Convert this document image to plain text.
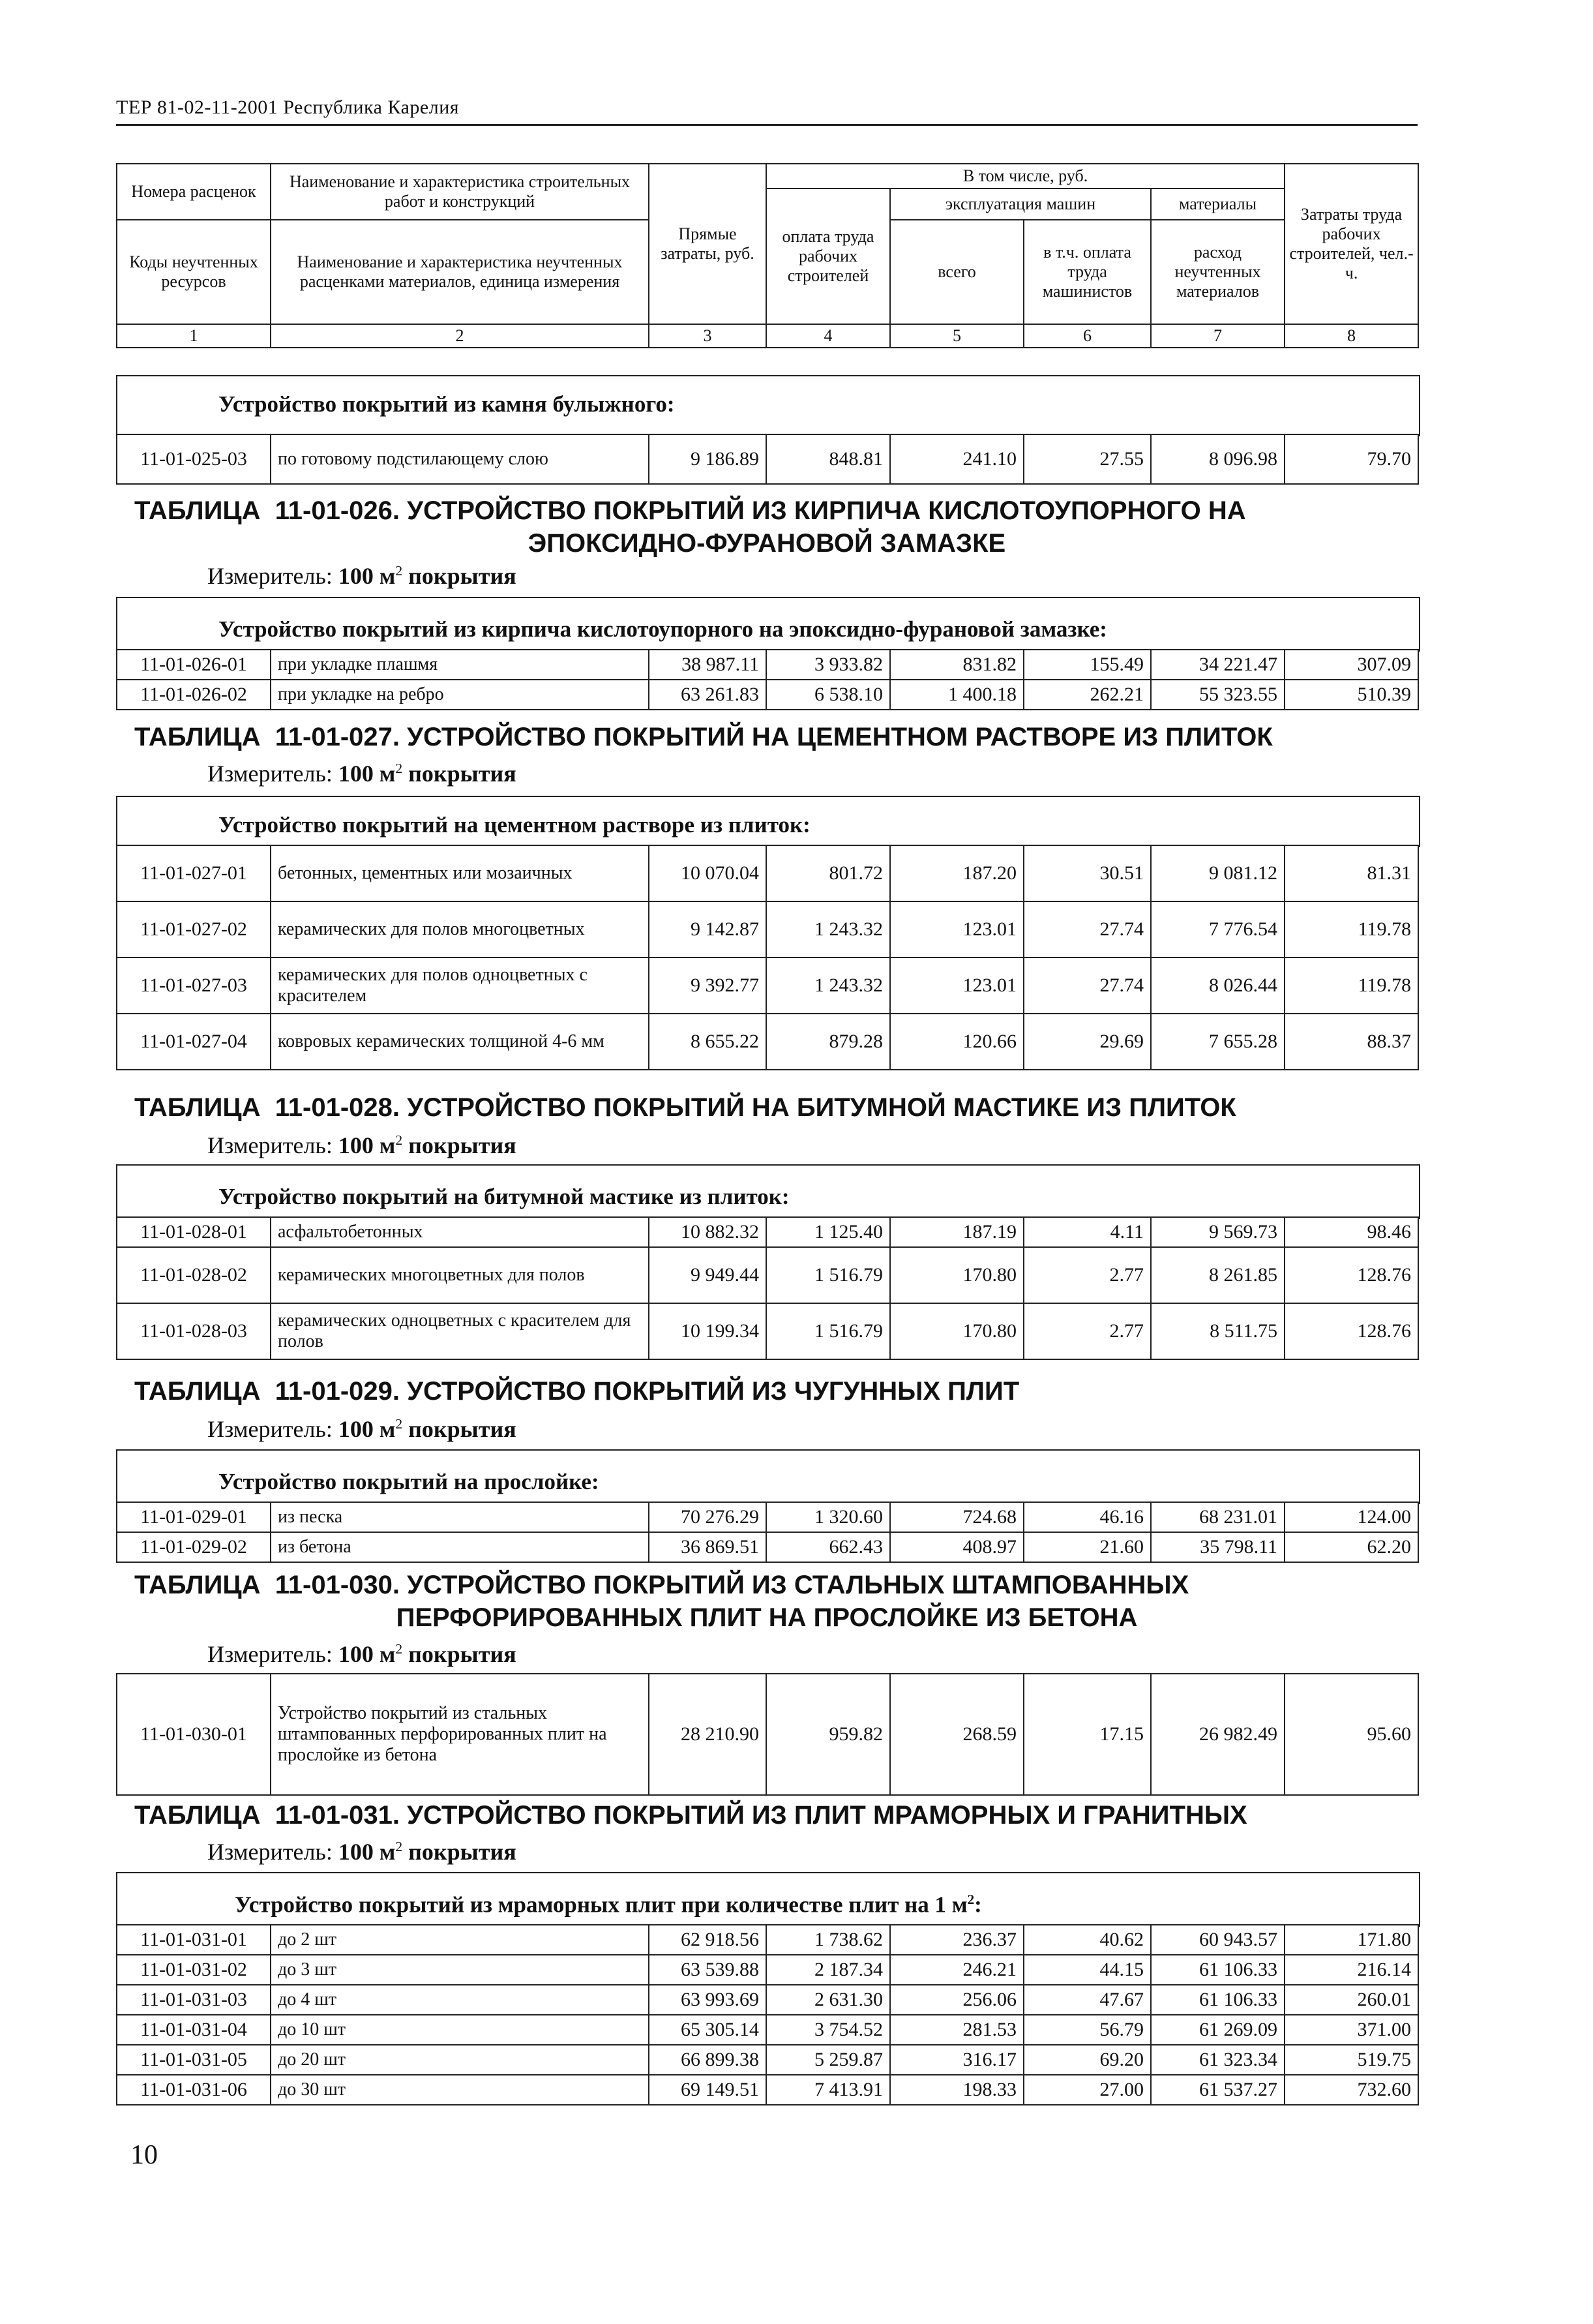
ТЕР 81-02-11-2001 Республика Карелия
Номера расценок	Наименование и характеристика строительных работ и конструкций	Прямые затраты, руб.	В том числе, руб.				Затраты труда рабочих строителей, чел.-ч.
			оплата труда рабочих строителей	эксплуатация машин		материалы	
Коды неучтенных ресурсов	Наименование и характеристика неучтенных расценками материалов, единица измерения			всего	в т.ч. оплата труда машинистов	расход неучтенных материалов	

1	2	3	4	5	6	7	8
Устройство покрытий из камня булыжного:
11-01-025-03	по готовому подстилающему слою	9 186.89	848.81	241.10	27.55	8 096.98	79.70
ТАБЛИЦА 11-01-026. УСТРОЙСТВО ПОКРЫТИЙ ИЗ КИРПИЧА КИСЛОТОУПОРНОГО НА
ЭПОКСИДНО-ФУРАНОВОЙ ЗАМАЗКЕ
Измеритель: 100 $м^2$ покрытия
Устройство покрытий из кирпича кислотоупорного на эпоксидно-фурановой замазке:
11-01-026-01	при укладке плашмя	38 987.11	3 933.82	831.82	155.49	34 221.47	307.09
11-01-026-02	при укладке на ребро	63 261.83	6 538.10	1 400.18	262.21	55 323.55	510.39
ТАБЛИЦА 11-01-027. УСТРОЙСТВО ПОКРЫТИЙ НА ЦЕМЕНТНОМ РАСТВОРЕ ИЗ ПЛИТОК
Измеритель: 100 $м^2$ покрытия
Устройство покрытий на цементном растворе из плиток:
11-01-027-01	бетонных, цементных или мозаичных	10 070.04	801.72	187.20	30.51	9 081.12	81.31
11-01-027-02	керамических для полов многоцветных	9 142.87	1 243.32	123.01	27.74	7 776.54	119.78
11-01-027-03	керамических для полов одноцветных с красителем	9 392.77	1 243.32	123.01	27.74	8 026.44	119.78
11-01-027-04	ковровых керамических толщиной 4-6 мм	8 655.22	879.28	120.66	29.69	7 655.28	88.37
ТАБЛИЦА 11-01-028. УСТРОЙСТВО ПОКРЫТИЙ НА БИТУМНОЙ МАСТИКЕ ИЗ ПЛИТОК
Измеритель: 100 $м^2$ покрытия
Устройство покрытий на битумной мастике из плиток:
11-01-028-01	асфальтобетонных	10 882.32	1 125.40	187.19	4.11	9 569.73	98.46
11-01-028-02	керамических многоцветных для полов	9 949.44	1 516.79	170.80	2.77	8 261.85	128.76
11-01-028-03	керамических одноцветных с красителем для полов	10 199.34	1 516.79	170.80	2.77	8 511.75	128.76
ТАБЛИЦА 11-01-029. УСТРОЙСТВО ПОКРЫТИЙ ИЗ ЧУГУННЫХ ПЛИТ
Измеритель: 100 $м^2$ покрытия
Устройство покрытий на прослойке:
11-01-029-01	из песка	70 276.29	1 320.60	724.68	46.16	68 231.01	124.00
11-01-029-02	из бетона	36 869.51	662.43	408.97	21.60	35 798.11	62.20
ТАБЛИЦА 11-01-030. УСТРОЙСТВО ПОКРЫТИЙ ИЗ СТАЛЬНЫХ ШТАМПОВАННЫХ
ПЕРФОРИРОВАННЫХ ПЛИТ НА ПРОСЛОЙКЕ ИЗ БЕТОНА
Измеритель: 100 $м^2$ покрытия
11-01-030-01	Устройство покрытий из стальных штампованных перфорированных плит на прослойке из бетона	28 210.90	959.82	268.59	17.15	26 982.49	95.60
ТАБЛИЦА 11-01-031. УСТРОЙСТВО ПОКРЫТИЙ ИЗ ПЛИТ МРАМОРНЫХ И ГРАНИТНЫХ
Измеритель: 100 $м^2$ покрытия
Устройство покрытий из мраморных плит при количестве плит на 1 $м^2$:
11-01-031-01	до 2 шт	62 918.56	1 738.62	236.37	40.62	60 943.57	171.80
11-01-031-02	до 3 шт	63 539.88	2 187.34	246.21	44.15	61 106.33	216.14
11-01-031-03	до 4 шт	63 993.69	2 631.30	256.06	47.67	61 106.33	260.01
11-01-031-04	до 10 шт	65 305.14	3 754.52	281.53	56.79	61 269.09	371.00
11-01-031-05	до 20 шт	66 899.38	5 259.87	316.17	69.20	61 323.34	519.75
11-01-031-06	до 30 шт	69 149.51	7 413.91	198.33	27.00	61 537.27	732.60
10
